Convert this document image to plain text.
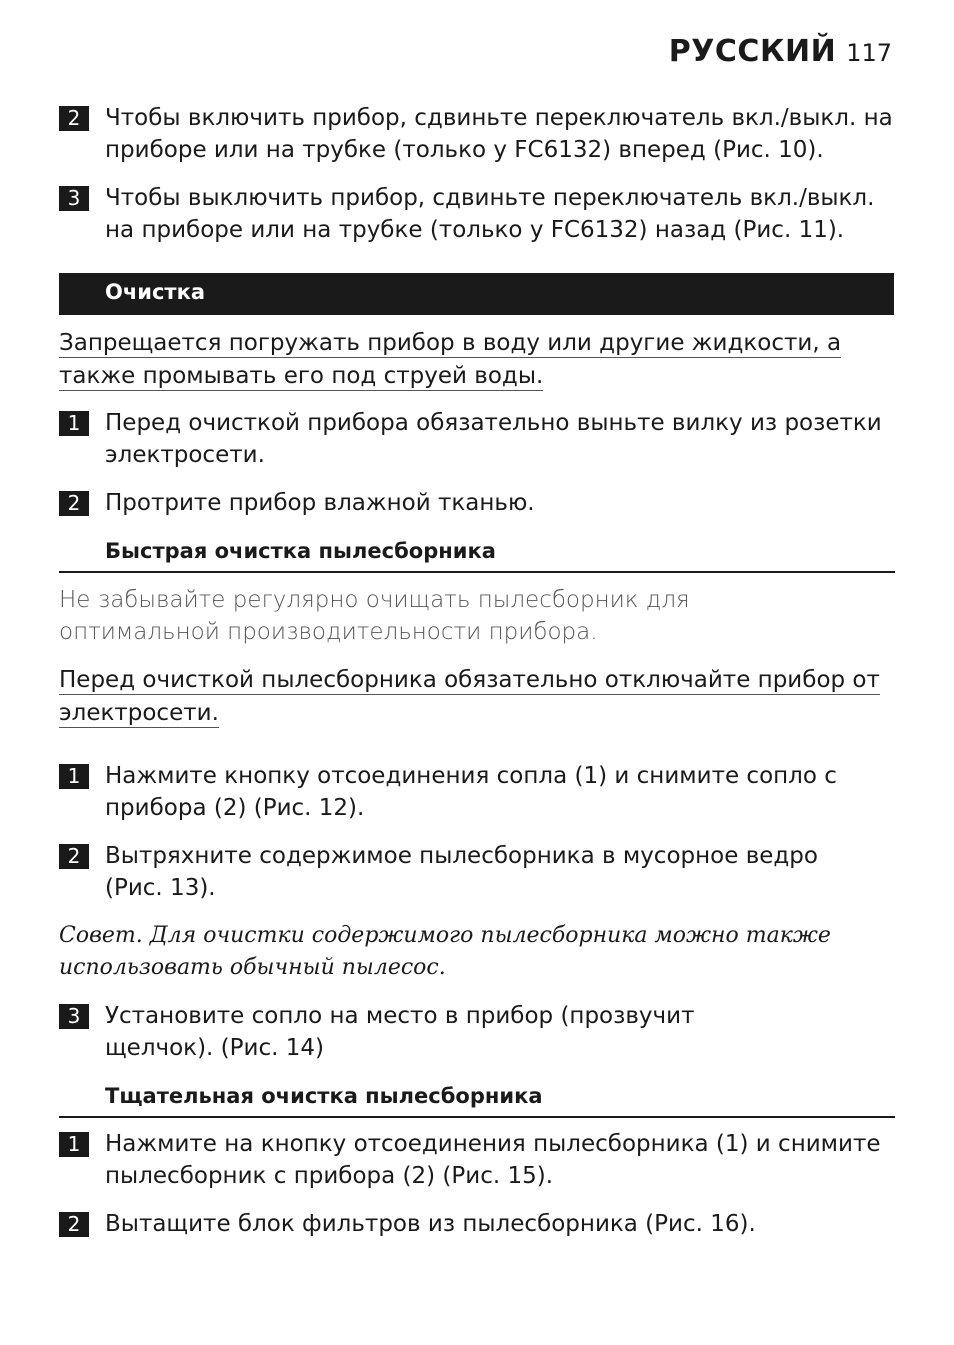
РУССКИЙ 117
2	Чтобы включить прибор, сдвиньте переключатель вкл./выкл. на приборе или на трубке (только у FC6132) вперед (Рис. 10).
3	Чтобы выключить прибор, сдвиньте переключатель вкл./выкл. на приборе или на трубке (только у FC6132) назад (Рис. 11).
Очистка
Запрещается погружать прибор в воду или другие жидкости, а также промывать его под струей воды.
1	Перед очисткой прибора обязательно выньте вилку из розетки электросети.
2	Протрите прибор влажной тканью.
Быстрая очистка пылесборника
Не забывайте регулярно очищать пылесборник для оптимальной производительности прибора.
Перед очисткой пылесборника обязательно отключайте прибор от электросети.
1	Нажмите кнопку отсоединения сопла (1) и снимите сопло с прибора (2) (Рис. 12).
2	Вытряхните содержимое пылесборника в мусорное ведро (Рис. 13).
Совет. Для очистки содержимого пылесборника можно также использовать обычный пылесос.
3	Установите сопло на место в прибор (прозвучит щелчок). (Рис. 14)
Тщательная очистка пылесборника
1	Нажмите на кнопку отсоединения пылесборника (1) и снимите пылесборник с прибора (2) (Рис. 15).
2	Вытащите блок фильтров из пылесборника (Рис. 16).
